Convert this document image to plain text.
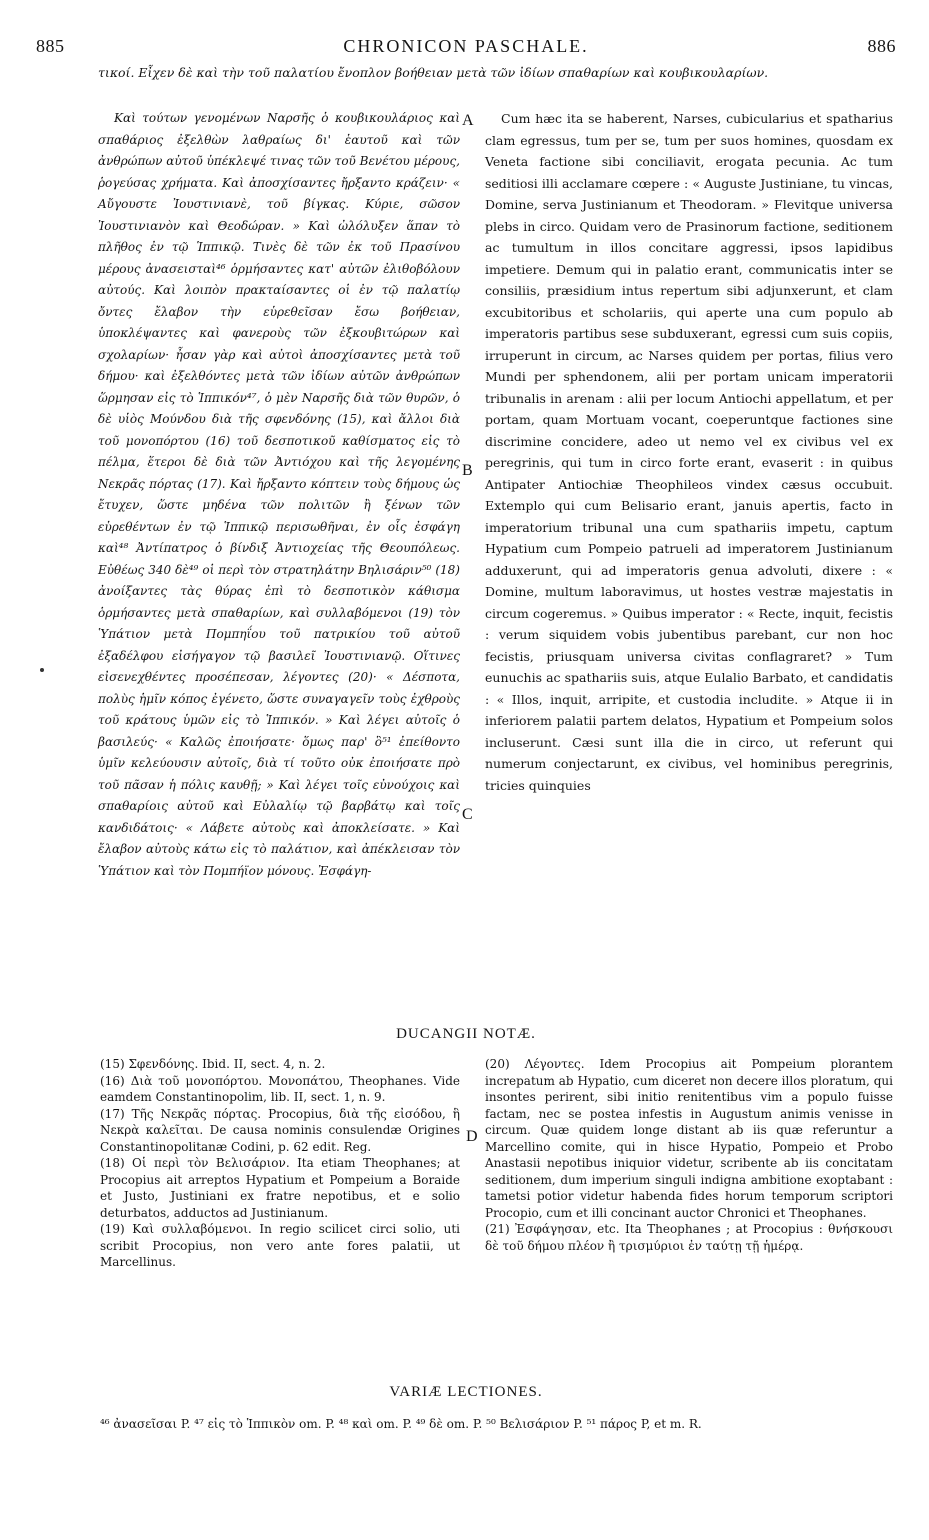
885	CHRONICON PASCHALE.	886
τικοί. Εἶχεν δὲ καὶ τὴν τοῦ παλατίου ἔνοπλον βοήθειαν μετὰ τῶν ἰδίων σπαθαρίων καὶ κουβικουλαρίων.

Καὶ τούτων γενομένων Ναρσῆς ὁ κουβικουλάριος καὶ σπαθάριος ἐξελθὼν λαθραίως δι' ἑαυτοῦ καὶ τῶν ἀνθρώπων αὐτοῦ ὑπέκλεψέ τινας τῶν τοῦ Βενέτου μέρους, ῥογεύσας χρήματα. Καὶ ἀποσχίσαντες ἤρξαντο κράζειν· « Αὔγουστε Ἰουστινιανὲ, τοῦ βίγκας. Κύριε, σῶσον Ἰουστινιανὸν καὶ Θεοδώραν. » Καὶ ὠλόλυξεν ἅπαν τὸ πλῆθος ἐν τῷ Ἱππικῷ. Τινὲς δὲ τῶν ἐκ τοῦ Πρασίνου μέρους ἀνασεισταὶ⁴⁶ ὁρμήσαντες κατ' αὐτῶν ἐλιθοβόλουν αὐτούς. Καὶ λοιπὸν πρακταίσαντες οἱ ἐν τῷ παλατίῳ ὄντες ἔλαβον τὴν εὑρεθεῖσαν ἔσω βοήθειαν, ὑποκλέψαντες καὶ φανεροὺς τῶν ἐξκουβιτώρων καὶ σχολαρίων· ἦσαν γὰρ καὶ αὐτοὶ ἀποσχίσαντες μετὰ τοῦ δήμου· καὶ ἐξελθόντες μετὰ τῶν ἰδίων αὐτῶν ἀνθρώπων ὥρμησαν εἰς τὸ Ἱππικόν⁴⁷, ὁ μὲν Ναρσῆς διὰ τῶν θυρῶν, ὁ δὲ υἱὸς Μούνδου διὰ τῆς σφενδόνης (15), καὶ ἄλλοι διὰ τοῦ μονοπόρτου (16) τοῦ δεσποτικοῦ καθίσματος εἰς τὸ πέλμα, ἕτεροι δὲ διὰ τῶν Ἀντιόχου καὶ τῆς λεγομένης Νεκρᾶς πόρτας (17). Καὶ ἤρξαντο κόπτειν τοὺς δήμους ὡς ἔτυχεν, ὥστε μηδένα τῶν πολιτῶν ἢ ξένων τῶν εὑρεθέντων ἐν τῷ Ἱππικῷ περισωθῆναι, ἐν οἷς ἐσφάγη καὶ⁴⁸ Ἀντίπατρος ὁ βίνδιξ Ἀντιοχείας τῆς Θεουπόλεως. Εὐθέως 340 δὲ⁴⁹ οἱ περὶ τὸν στρατηλάτην Βηλισάριν⁵⁰ (18) ἀνοίξαντες τὰς θύρας ἐπὶ τὸ δεσποτικὸν κάθισμα ὁρμήσαντες μετὰ σπαθαρίων, καὶ συλλαβόμενοι (19) τὸν Ὑπάτιον μετὰ Πομπηΐου τοῦ πατρικίου τοῦ αὐτοῦ ἐξαδέλφου εἰσήγαγον τῷ βασιλεῖ Ἰουστινιανῷ. Οἵτινες εἰσενεχθέντες προσέπεσαν, λέγοντες (20)· « Δέσποτα, πολὺς ἡμῖν κόπος ἐγένετο, ὥστε συναγαγεῖν τοὺς ἐχθροὺς τοῦ κράτους ὑμῶν εἰς τὸ Ἱππικόν. » Καὶ λέγει αὐτοῖς ὁ βασιλεύς· « Καλῶς ἐποιήσατε· ὅμως παρ' ὃ⁵¹ ἐπείθοντο ὑμῖν κελεύουσιν αὐτοῖς, διὰ τί τοῦτο οὐκ ἐποιήσατε πρὸ τοῦ πᾶσαν ἡ πόλις καυθῇ; » Καὶ λέγει τοῖς εὐνούχοις καὶ σπαθαρίοις αὐτοῦ καὶ Εὐλαλίῳ τῷ βαρβάτῳ καὶ τοῖς κανδιδάτοις· « Λάβετε αὐτοὺς καὶ ἀποκλείσατε. » Καὶ ἔλαβον αὐτοὺς κάτω εἰς τὸ παλάτιον, καὶ ἀπέκλεισαν τὸν Ὑπάτιον καὶ τὸν Πομπήϊον μόνους. Ἐσφάγη-

Cum hæc ita se haberent, Narses, cubicularius et spatharius clam egressus, tum per se, tum per suos homines, quosdam ex Veneta factione sibi conciliavit, erogata pecunia. Ac tum seditiosi illi acclamare cœpere : « Auguste Justiniane, tu vincas, Domine, serva Justinianum et Theodoram. » Flevitque universa plebs in circo. Quidam vero de Prasinorum factione, seditionem ac tumultum in illos concitare aggressi, ipsos lapidibus impetiere. Demum qui in palatio erant, communicatis inter se consiliis, præsidium intus repertum sibi adjunxerunt, et clam excubitoribus et scholariis, qui aperte una cum populo ab imperatoris partibus sese subduxerant, egressi cum suis copiis, irruperunt in circum, ac Narses quidem per portas, filius vero Mundi per sphendonem, alii per portam unicam imperatorii tribunalis in arenam : alii per locum Antiochi appellatum, et per portam, quam Mortuam vocant, coeperuntque factiones sine discrimine concidere, adeo ut nemo vel ex civibus vel ex peregrinis, qui tum in circo forte erant, evaserit : in quibus Antipater Antiochiæ Theophileos vindex cæsus occubuit. Extemplo qui cum Belisario erant, januis apertis, facto in imperatorium tribunal una cum spathariis impetu, captum Hypatium cum Pompeio patrueli ad imperatorem Justinianum adduxerunt, qui ad imperatoris genua advoluti, dixere : « Domine, multum laboravimus, ut hostes vestræ majestatis in circum cogeremus. » Quibus imperator : « Recte, inquit, fecistis : verum siquidem vobis jubentibus parebant, cur non hoc fecistis, priusquam universa civitas conflagraret? » Tum eunuchis ac spathariis suis, atque Eulalio Barbato, et candidatis : « Illos, inquit, arripite, et custodia includite. » Atque ii in inferiorem palatii partem delatos, Hypatium et Pompeium solos incluserunt. Cæsi sunt illa die in circo, ut referunt qui numerum conjectarunt, ex civibus, vel hominibus peregrinis, tricies quinquies

A
B
C
D
DUCANGII NOTÆ.

(15) Σφενδόνης. Ibid. II, sect. 4, n. 2.

(16) Διὰ τοῦ μονοπόρτου. Μονοπάτου, Theophanes. Vide eamdem Constantinopolim, lib. II, sect. 1, n. 9.

(17) Τῆς Νεκρᾶς πόρτας. Procopius, διὰ τῆς εἰσόδου, ἣ Νεκρὰ καλεῖται. De causa nominis consulendæ Origines Constantinopolitanæ Codini, p. 62 edit. Reg.

(18) Οἱ περὶ τὸν Βελισάριον. Ita etiam Theophanes; at Procopius ait arreptos Hypatium et Pompeium a Boraide et Justo, Justiniani ex fratre nepotibus, et e solio deturbatos, adductos ad Justinianum.

(19) Καὶ συλλαβόμενοι. In regio scilicet circi solio, uti scribit Procopius, non vero ante fores palatii, ut Marcellinus.

(20) Λέγοντες. Idem Procopius ait Pompeium plorantem increpatum ab Hypatio, cum diceret non decere illos ploratum, qui insontes perirent, sibi initio renitentibus vim a populo fuisse factam, nec se postea infestis in Augustum animis venisse in circum. Quæ quidem longe distant ab iis quæ referuntur a Marcellino comite, qui in hisce Hypatio, Pompeio et Probo Anastasii nepotibus iniquior videtur, scribente ab iis concitatam seditionem, dum imperium singuli indigna ambitione exoptabant : tametsi potior videtur habenda fides horum temporum scriptori Procopio, cum et illi concinant auctor Chronici et Theophanes.

(21) Ἐσφάγησαν, etc. Ita Theophanes ; at Procopius : θνήσκουσι δὲ τοῦ δήμου πλέον ἢ τρισμύριοι ἐν ταύτῃ τῇ ἡμέρᾳ.

VARIÆ LECTIONES.
⁴⁶ ἀνασεῖσαι P. ⁴⁷ εἰς τὸ Ἱππικὸν om. P. ⁴⁸ καὶ om. P. ⁴⁹ δὲ om. P. ⁵⁰ Βελισάριον P. ⁵¹ πάρος P, et m. R.
